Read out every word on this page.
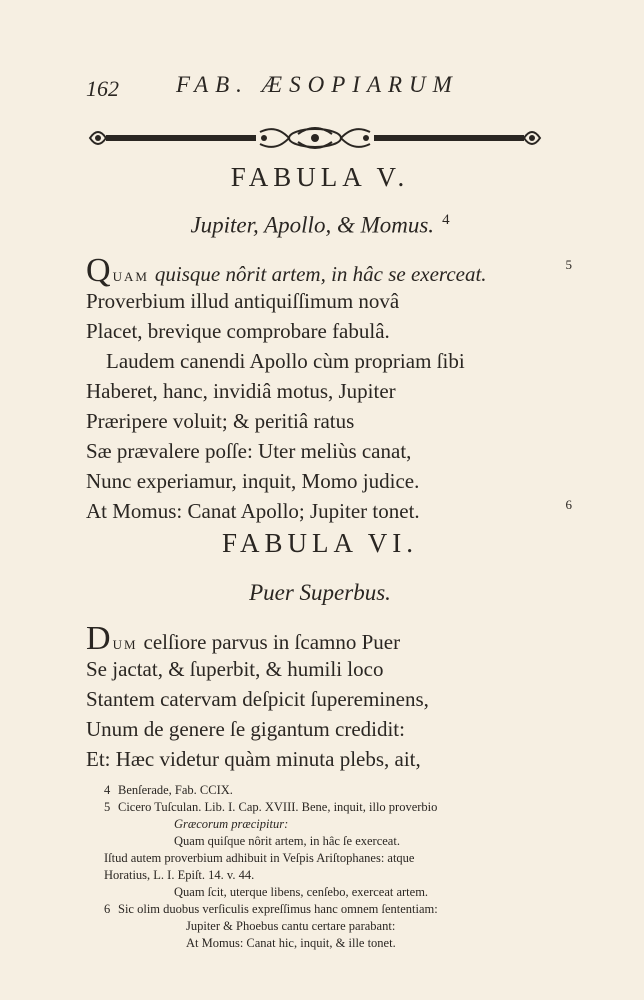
162 FAB. ÆSOPIARUM
FABULA V.
Jupiter, Apollo, & Momus. $^4$
QUAM quisque nôrit artem, in hâc se exerceat.	5
Proverbium illud antiquiſſimum novâ
Placet, brevique comprobare fabulâ.
Laudem canendi Apollo cùm propriam ſibi
Haberet, hanc, invidiâ motus, Jupiter
Præripere voluit; & peritiâ ratus
Sæ prævalere poſſe: Uter meliùs canat,
Nunc experiamur, inquit, Momo judice.
At Momus: Canat Apollo; Jupiter tonet.	6
FABULA VI.
Puer Superbus.
DUM celſiore parvus in ſcamno Puer
Se jactat, & ſuperbit, & humili loco
Stantem catervam deſpicit ſupereminens,
Unum de genere ſe gigantum credidit:
Et: Hæc videtur quàm minuta plebs, ait,
4 Benſerade, Fab. CCIX.
5 Cicero Tuſculan. Lib. I. Cap. XVIII. Bene, inquit, illo proverbio
Græcorum præcipitur:
Quam quiſque nôrit artem, in hâc ſe exerceat.
Iſtud autem proverbium adhibuit in Veſpis Ariſtophanes: atque
Horatius, L. I. Epiſt. 14. v. 44.
Quam ſcit, uterque libens, cenſebo, exerceat artem.
6 Sic olim duobus verſiculis expreſſimus hanc omnem ſententiam:
Jupiter & Phoebus cantu certare parabant:
At Momus: Canat hic, inquit, & ille tonet.
